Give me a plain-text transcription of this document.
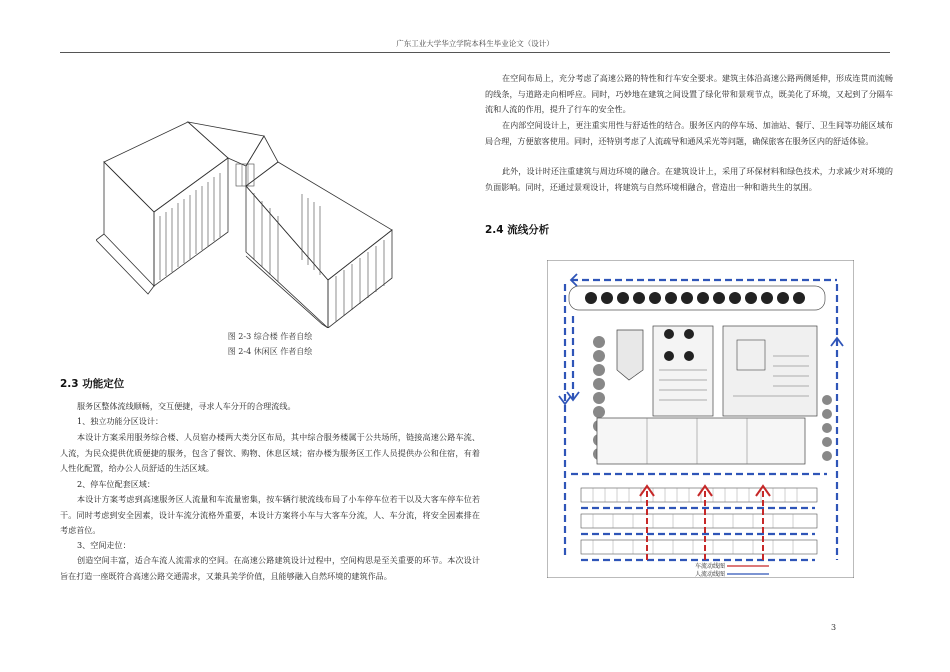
广东工业大学华立学院本科生毕业论文（设计）
图 2-3 综合楼 作者自绘
图 2-4 休闲区 作者自绘
2.3 功能定位

服务区整体流线顺畅，交互便捷，寻求人车分开的合理流线。

1、独立功能分区设计：

本设计方案采用服务综合楼、人员宿办楼两大类分区布局，其中综合服务楼属于公共场所，链接高速公路车流、人流，为民众提供优质便捷的服务，包含了餐饮、购物、休息区域；宿办楼为服务区工作人员提供办公和住宿，有着人性化配置，给办公人员舒适的生活区域。

2、停车位配套区域：

本设计方案考虑到高速服务区人流量和车流量密集，按车辆行驶流线布局了小车停车位若干以及大客车停车位若干。同时考虑到安全因素，设计车流分流格外重要，本设计方案将小车与大客车分流，人、车分流，将安全因素排在考虑首位。

3、空间走位：

创造空间丰富，适合车流人流需求的空间。在高速公路建筑设计过程中，空间构思是至关重要的环节。本次设计旨在打造一座既符合高速公路交通需求，又兼具美学价值，且能够融入自然环境的建筑作品。

在空间布局上，充分考虑了高速公路的特性和行车安全要求。建筑主体沿高速公路两侧延伸，形成连贯而流畅的线条，与道路走向相呼应。同时，巧妙地在建筑之间设置了绿化带和景观节点，既美化了环境，又起到了分隔车流和人流的作用，提升了行车的安全性。

在内部空间设计上，更注重实用性与舒适性的结合。服务区内的停车场、加油站、餐厅、卫生间等功能区域布局合理，方便旅客使用。同时，还特别考虑了人流疏导和通风采光等问题，确保旅客在服务区内的舒适体验。

此外，设计时还注重建筑与周边环境的融合。在建筑设计上，采用了环保材料和绿色技术，力求减少对环境的负面影响。同时，还通过景观设计，将建筑与自然环境相融合，营造出一种和谐共生的氛围。

2.4 流线分析
车流动线图
人流动线图
3
